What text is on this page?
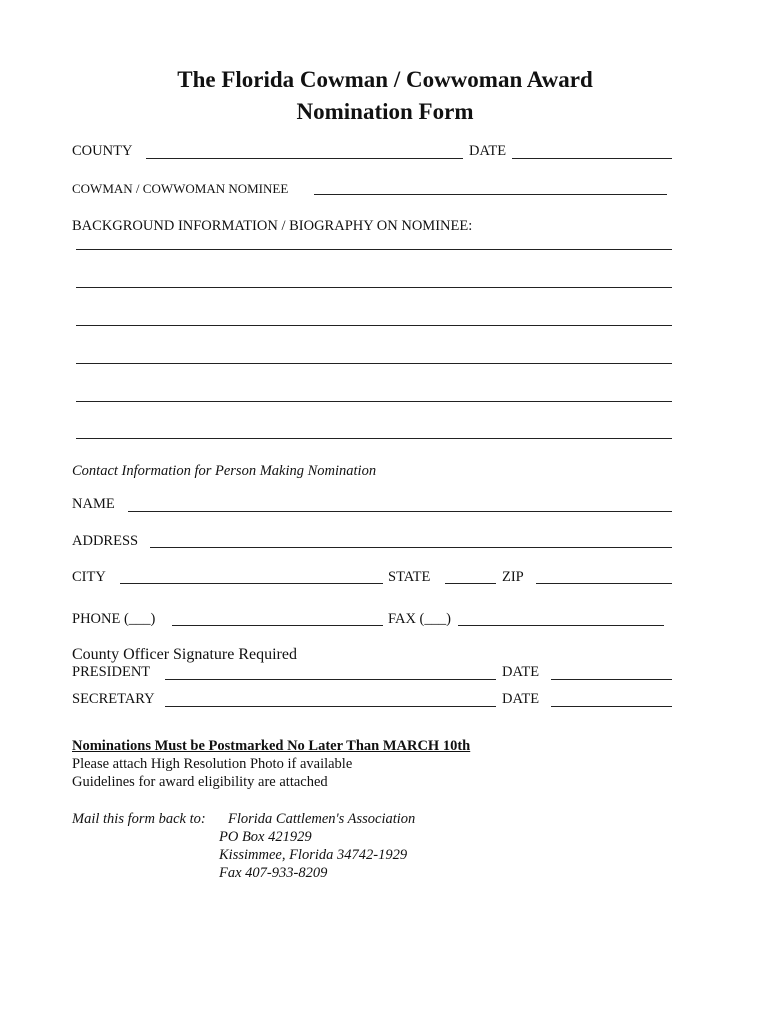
The Florida Cowman / Cowwoman Award
Nomination Form
COUNTY	DATE
COWMAN / COWWOMAN NOMINEE
BACKGROUND INFORMATION / BIOGRAPHY ON NOMINEE:
Contact Information for Person Making Nomination
NAME
ADDRESS
CITY	STATE	ZIP
PHONE (___)	FAX (___)
County Officer Signature Required
PRESIDENT	DATE
SECRETARY	DATE
Nominations Must be Postmarked No Later Than MARCH 10th
Please attach High Resolution Photo if available
Guidelines for award eligibility are attached
Mail this form back to: Florida Cattlemen's Association
PO Box 421929
Kissimmee, Florida 34742-1929
Fax 407-933-8209
